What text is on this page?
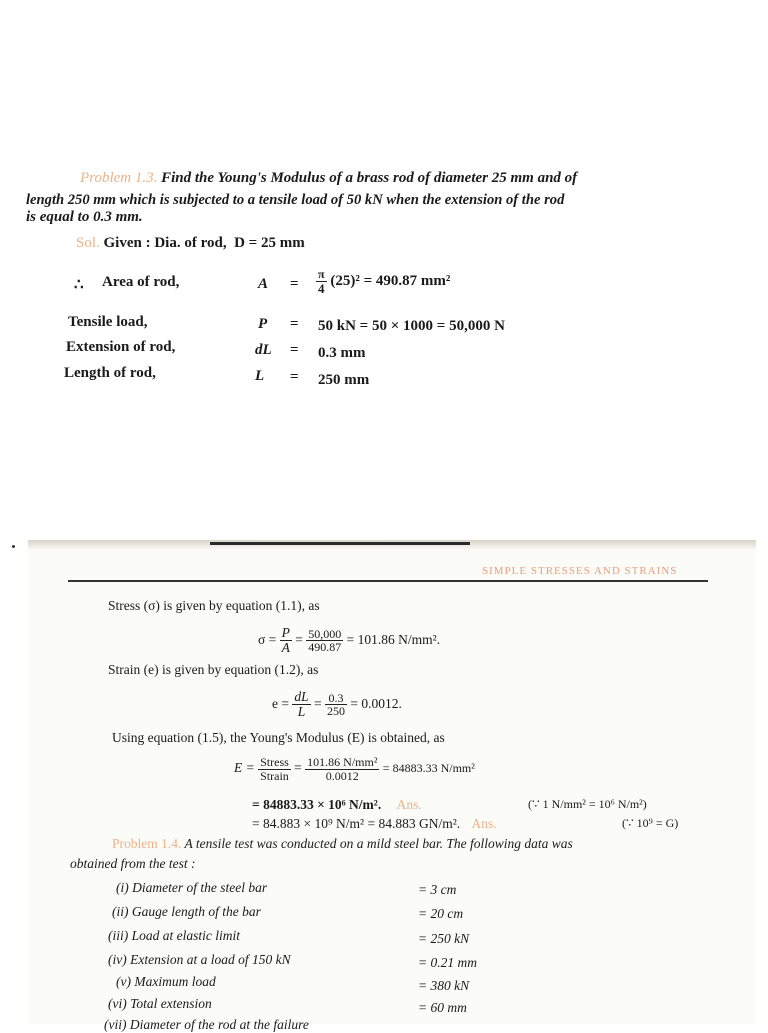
Problem 1.3. Find the Young's Modulus of a brass rod of diameter 25 mm and of
length 250 mm which is subjected to a tensile load of 50 kN when the extension of the rod
is equal to 0.3 mm.
Sol. Given : Dia. of rod, D = 25 mm
∴ Area of rod,	$A = \frac{\pi}{4} (25)^2 = 490.87$ mm²
Tensile load,	P = 50 kN = 50 × 1000 = 50,000 N
Extension of rod,	dL = 0.3 mm
Length of rod,	L = 250 mm
SIMPLE STRESSES AND STRAINS
Stress (σ) is given by equation (1.1), as
$\sigma = \frac{P}{A} = \frac{50,000}{490.87} = 101.86$ N/mm².
Strain (e) is given by equation (1.2), as
$e = \frac{dL}{L} = \frac{0.3}{250} = 0.0012$.
Using equation (1.5), the Young's Modulus (E) is obtained, as
$E = \frac{\text{Stress}}{\text{Strain}} = \frac{\text{101.86 N/mm²}}{0.0012} = 84883.33$ N/mm²
= 84883.33 × 10⁶ N/m². Ans.	(∵ 1 N/mm² = 10⁶ N/m²)
= 84.883 × 10⁹ N/m² = 84.883 GN/m². Ans.	(∵ 10⁹ = G)
Problem 1.4. A tensile test was conducted on a mild steel bar. The following data was
obtained from the test :
(i) Diameter of the steel bar	= 3 cm
(ii) Gauge length of the bar	= 20 cm
(iii) Load at elastic limit	= 250 kN
(iv) Extension at a load of 150 kN	= 0.21 mm
(v) Maximum load	= 380 kN
(vi) Total extension	= 60 mm
(vii) Diameter of the rod at the failure
